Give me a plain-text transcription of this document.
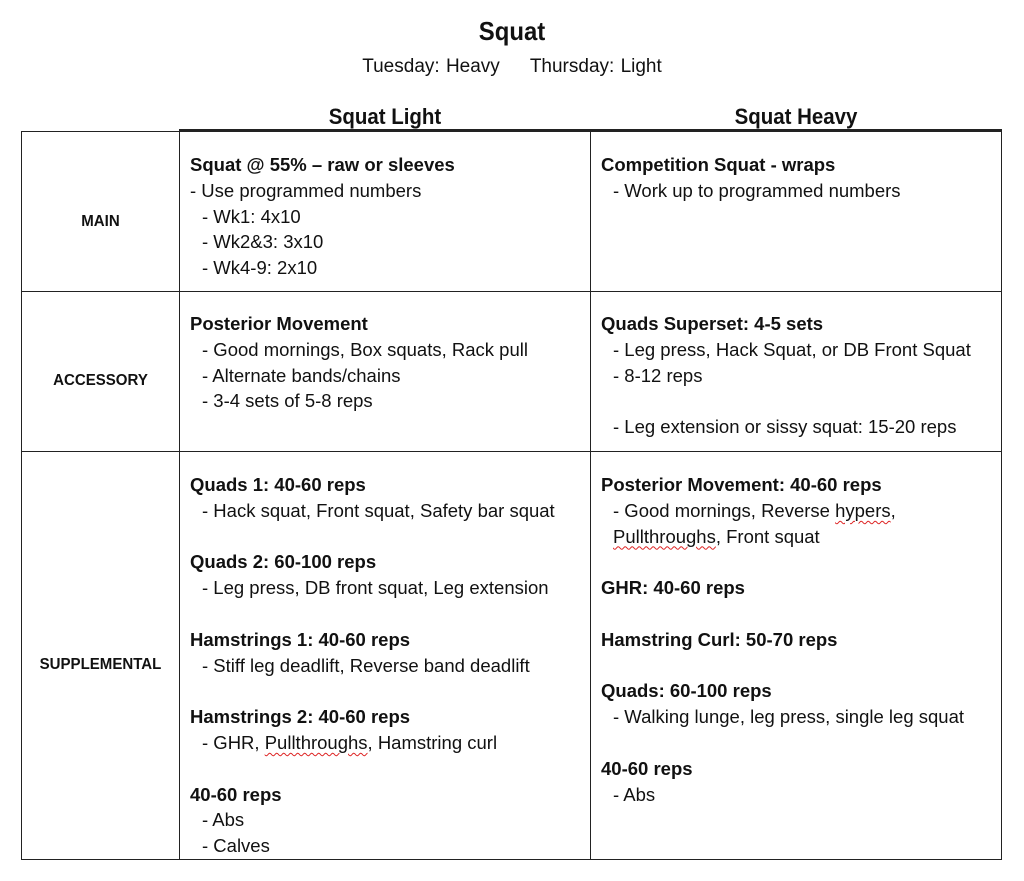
Squat
Tuesday: Heavy Thursday: Light
Squat Light	Squat Heavy
MAIN
ACCESSORY
SUPPLEMENTAL
Squat @ 55% – raw or sleeves
- Use programmed numbers
- Wk1: 4x10
- Wk2&3: 3x10
- Wk4-9: 2x10
Competition Squat - wraps
- Work up to programmed numbers
Posterior Movement
- Good mornings, Box squats, Rack pull
- Alternate bands/chains
- 3-4 sets of 5-8 reps
Quads Superset: 4-5 sets
- Leg press, Hack Squat, or DB Front Squat
- 8-12 reps
- Leg extension or sissy squat: 15-20 reps
Quads 1: 40-60 reps
- Hack squat, Front squat, Safety bar squat
Quads 2: 60-100 reps
- Leg press, DB front squat, Leg extension
Hamstrings 1: 40-60 reps
- Stiff leg deadlift, Reverse band deadlift
Hamstrings 2: 40-60 reps
- GHR, Pullthroughs, Hamstring curl
40-60 reps
- Abs
- Calves
Posterior Movement: 40-60 reps
- Good mornings, Reverse hypers,
Pullthroughs, Front squat
GHR: 40-60 reps
Hamstring Curl: 50-70 reps
Quads: 60-100 reps
- Walking lunge, leg press, single leg squat
40-60 reps
- Abs
